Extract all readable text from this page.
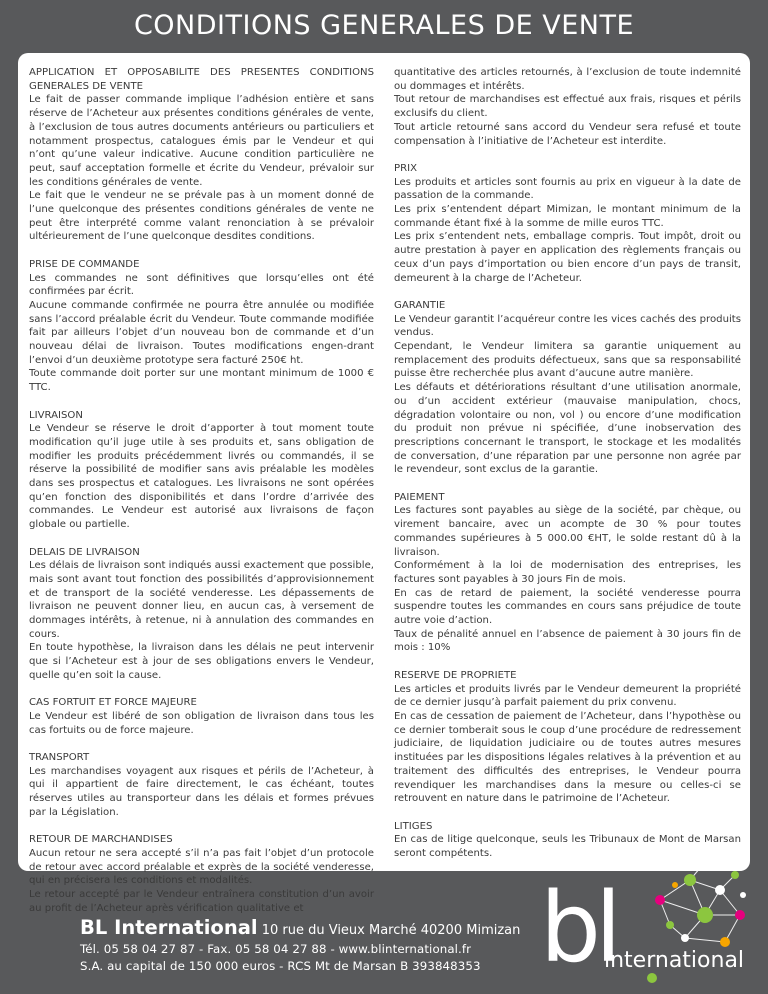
CONDITIONS GENERALES DE VENTE
APPLICATION ET OPPOSABILITE DES PRESENTES CONDITIONS GENERALES DE VENTE

Le fait de passer commande implique l’adhésion entière et sans réserve de l’Acheteur aux présentes conditions générales de vente, à l’exclusion de tous autres documents antérieurs ou particuliers et notamment prospectus, catalogues émis par le Vendeur et qui n’ont qu’une valeur indicative. Aucune condition particulière ne peut, sauf acceptation formelle et écrite du Vendeur, prévaloir sur les conditions générales de vente.

Le fait que le vendeur ne se prévale pas à un moment donné de l’une quelconque des présentes conditions générales de vente ne peut être interprété comme valant renonciation à se prévaloir ultérieurement de l’une quelconque desdites conditions.

PRISE DE COMMANDE

Les commandes ne sont définitives que lorsqu’elles ont été confirmées par écrit.

Aucune commande confirmée ne pourra être annulée ou modifiée sans l’accord préalable écrit du Vendeur. Toute commande modifiée fait par ailleurs l’objet d’un nouveau bon de commande et d’un nouveau délai de livraison. Toutes modifications engen-drant l’envoi d’un deuxième prototype sera facturé 250€ ht.

Toute commande doit porter sur une montant minimum de 1000 € TTC.

LIVRAISON

Le Vendeur se réserve le droit d’apporter à tout moment toute modification qu’il juge utile à ses produits et, sans obligation de modifier les produits précédemment livrés ou commandés, il se réserve la possibilité de modifier sans avis préalable les modèles dans ses prospectus et catalogues. Les livraisons ne sont opérées qu’en fonction des disponibilités et dans l’ordre d’arrivée des commandes. Le Vendeur est autorisé aux livraisons de façon globale ou partielle.

DELAIS DE LIVRAISON

Les délais de livraison sont indiqués aussi exactement que possible, mais sont avant tout fonction des possibilités d’approvisionnement et de transport de la société venderesse. Les dépassements de livraison ne peuvent donner lieu, en aucun cas, à versement de dommages intérêts, à retenue, ni à annulation des commandes en cours.

En toute hypothèse, la livraison dans les délais ne peut intervenir que si l’Acheteur est à jour de ses obligations envers le Vendeur, quelle qu’en soit la cause.

CAS FORTUIT ET FORCE MAJEURE

Le Vendeur est libéré de son obligation de livraison dans tous les cas fortuits ou de force majeure.

TRANSPORT

Les marchandises voyagent aux risques et périls de l’Acheteur, à qui il appartient de faire directement, le cas échéant, toutes réserves utiles au transporteur dans les délais et formes prévues par la Législation.

RETOUR DE MARCHANDISES

Aucun retour ne sera accepté s’il n’a pas fait l’objet d’un protocole de retour avec accord préalable et exprès de la société venderesse, qui en précisera les conditions et modalités.

Le retour accepté par le Vendeur entraînera constitution d’un avoir au profit de l’Acheteur après vérification qualitative et

quantitative des articles retournés, à l’exclusion de toute indemnité ou dommages et intérêts.

Tout retour de marchandises est effectué aux frais, risques et périls exclusifs du client.

Tout article retourné sans accord du Vendeur sera refusé et toute compensation à l’initiative de l’Acheteur est interdite.

PRIX

Les produits et articles sont fournis au prix en vigueur à la date de passation de la commande.

Les prix s’entendent départ Mimizan, le montant minimum de la commande étant fixé à la somme de mille euros TTC.

Les prix s’entendent nets, emballage compris. Tout impôt, droit ou autre prestation à payer en application des règlements français ou ceux d’un pays d’importation ou bien encore d’un pays de transit, demeurent à la charge de l’Acheteur.

GARANTIE

Le Vendeur garantit l’acquéreur contre les vices cachés des produits vendus.

Cependant, le Vendeur limitera sa garantie uniquement au remplacement des produits défectueux, sans que sa responsabilité puisse être recherchée plus avant d’aucune autre manière.

Les défauts et détériorations résultant d’une utilisation anormale, ou d’un accident extérieur (mauvaise manipulation, chocs, dégradation volontaire ou non, vol ) ou encore d’une modification du produit non prévue ni spécifiée, d’une inobservation des prescriptions concernant le transport, le stockage et les modalités de conversation, d’une réparation par une personne non agrée par le revendeur, sont exclus de la garantie.

PAIEMENT

Les factures sont payables au siège de la société, par chèque, ou virement bancaire, avec un acompte de 30 % pour toutes commandes supérieures à 5 000.00 €HT, le solde restant dû à la livraison.

Conformément à la loi de modernisation des entreprises, les factures sont payables à 30 jours Fin de mois.

En cas de retard de paiement, la société venderesse pourra suspendre toutes les commandes en cours sans préjudice de toute autre voie d’action.

Taux de pénalité annuel en l’absence de paiement à 30 jours fin de mois : 10%

RESERVE DE PROPRIETE

Les articles et produits livrés par le Vendeur demeurent la propriété de ce dernier jusqu’à parfait paiement du prix convenu.

En cas de cessation de paiement de l’Acheteur, dans l’hypothèse ou ce dernier tomberait sous le coup d’une procédure de redressement judiciaire, de liquidation judiciaire ou de toutes autres mesures instituées par les dispositions légales relatives à la prévention et au traitement des difficultés des entreprises, le Vendeur pourra revendiquer les marchandises dans la mesure ou celles-ci se retrouvent en nature dans le patrimoine de l’Acheteur.

LITIGES

En cas de litige quelconque, seuls les Tribunaux de Mont de Marsan seront compétents.

BL International 10 rue du Vieux Marché 40200 Mimizan
Tél. 05 58 04 27 87 - Fax. 05 58 04 27 88 - www.blinternational.fr
S.A. au capital de 150 000 euros - RCS Mt de Marsan B 393848353 bl
international
